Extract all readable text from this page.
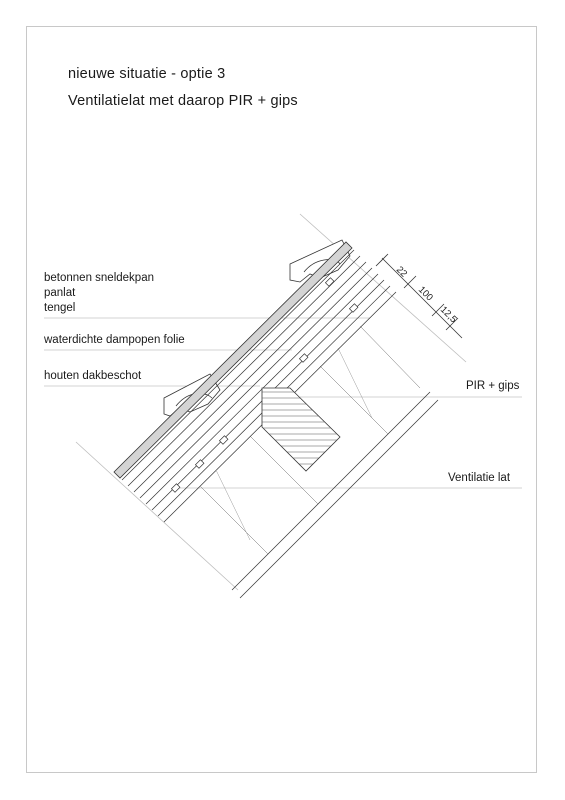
nieuwe situatie - optie 3
Ventilatielat met daarop PIR + gips
betonnen sneldekpan
panlat
tengel
waterdichte dampopen folie
houten dakbeschot
PIR + gips
Ventilatie lat
22
100
12,5
